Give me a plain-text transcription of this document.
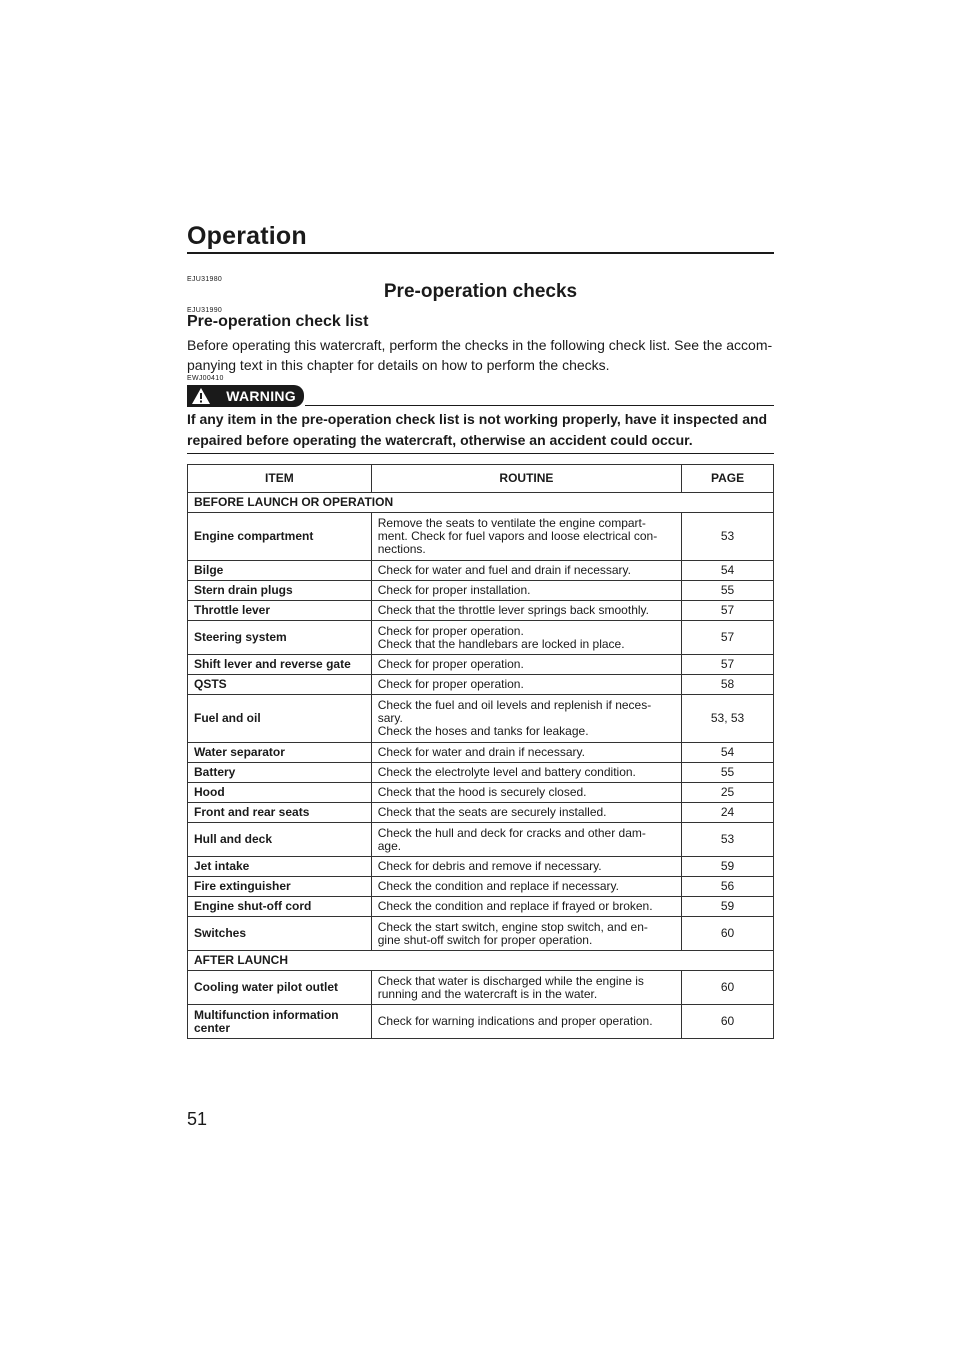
Operation
EJU31980
Pre-operation checks
EJU31990
Pre-operation check list
Before operating this watercraft, perform the checks in the following check list. See the accom-
panying text in this chapter for details on how to perform the checks.
EWJ00410
WARNING
If any item in the pre-operation check list is not working properly, have it inspected and repaired before operating the watercraft, otherwise an accident could occur.
ITEM	ROUTINE	PAGE
BEFORE LAUNCH OR OPERATION		
Engine compartment	Remove the seats to ventilate the engine compart-
ment. Check for fuel vapors and loose electrical con-
nections.	53
Bilge	Check for water and fuel and drain if necessary.	54
Stern drain plugs	Check for proper installation.	55
Throttle lever	Check that the throttle lever springs back smoothly.	57
Steering system	Check for proper operation.
Check that the handlebars are locked in place.	57
Shift lever and reverse gate	Check for proper operation.	57
QSTS	Check for proper operation.	58
Fuel and oil	Check the fuel and oil levels and replenish if neces-
sary.
Check the hoses and tanks for leakage.	53, 53
Water separator	Check for water and drain if necessary.	54
Battery	Check the electrolyte level and battery condition.	55
Hood	Check that the hood is securely closed.	25
Front and rear seats	Check that the seats are securely installed.	24
Hull and deck	Check the hull and deck for cracks and other dam-
age.	53
Jet intake	Check for debris and remove if necessary.	59
Fire extinguisher	Check the condition and replace if necessary.	56
Engine shut-off cord	Check the condition and replace if frayed or broken.	59
Switches	Check the start switch, engine stop switch, and en-
gine shut-off switch for proper operation.	60
AFTER LAUNCH		
Cooling water pilot outlet	Check that water is discharged while the engine is
running and the watercraft is in the water.	60

Multifunction information
center	Check for warning indications and proper operation.	60
51
